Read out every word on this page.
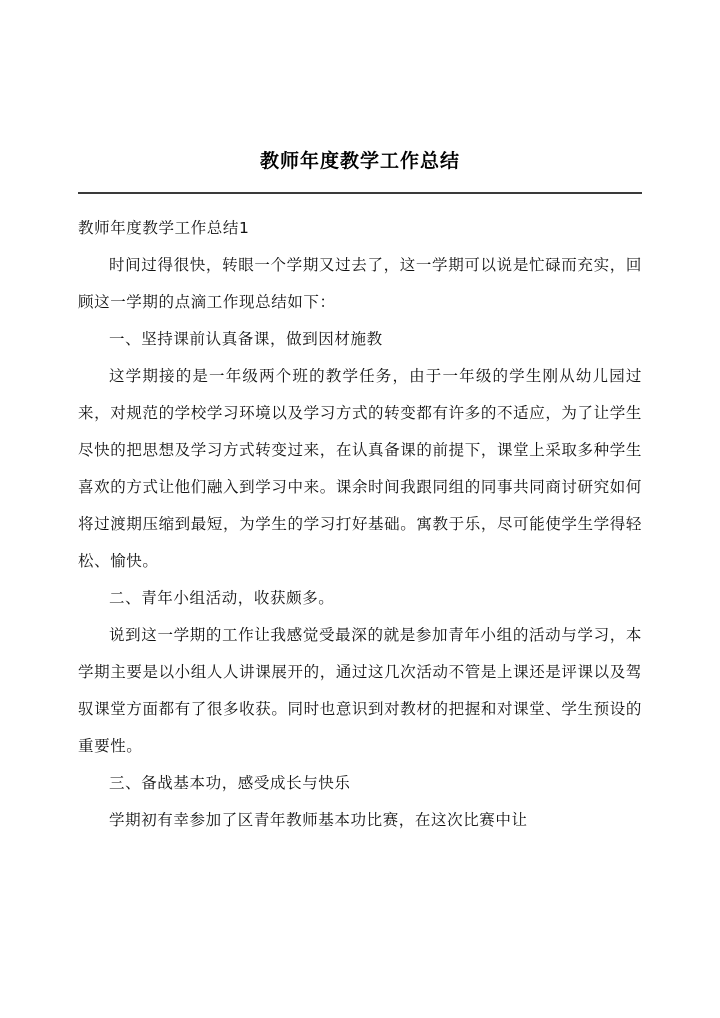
教师年度教学工作总结

教师年度教学工作总结1

时间过得很快，转眼一个学期又过去了，这一学期可以说是忙碌而充实，回顾这一学期的点滴工作现总结如下：

一、坚持课前认真备课，做到因材施教

这学期接的是一年级两个班的教学任务，由于一年级的学生刚从幼儿园过来，对规范的学校学习环境以及学习方式的转变都有许多的不适应，为了让学生尽快的把思想及学习方式转变过来，在认真备课的前提下，课堂上采取多种学生喜欢的方式让他们融入到学习中来。课余时间我跟同组的同事共同商讨研究如何将过渡期压缩到最短，为学生的学习打好基础。寓教于乐，尽可能使学生学得轻松、愉快。

二、青年小组活动，收获颇多。

说到这一学期的工作让我感觉受最深的就是参加青年小组的活动与学习，本学期主要是以小组人人讲课展开的，通过这几次活动不管是上课还是评课以及驾驭课堂方面都有了很多收获。同时也意识到对教材的把握和对课堂、学生预设的重要性。

三、备战基本功，感受成长与快乐

学期初有幸参加了区青年教师基本功比赛，在这次比赛中让
